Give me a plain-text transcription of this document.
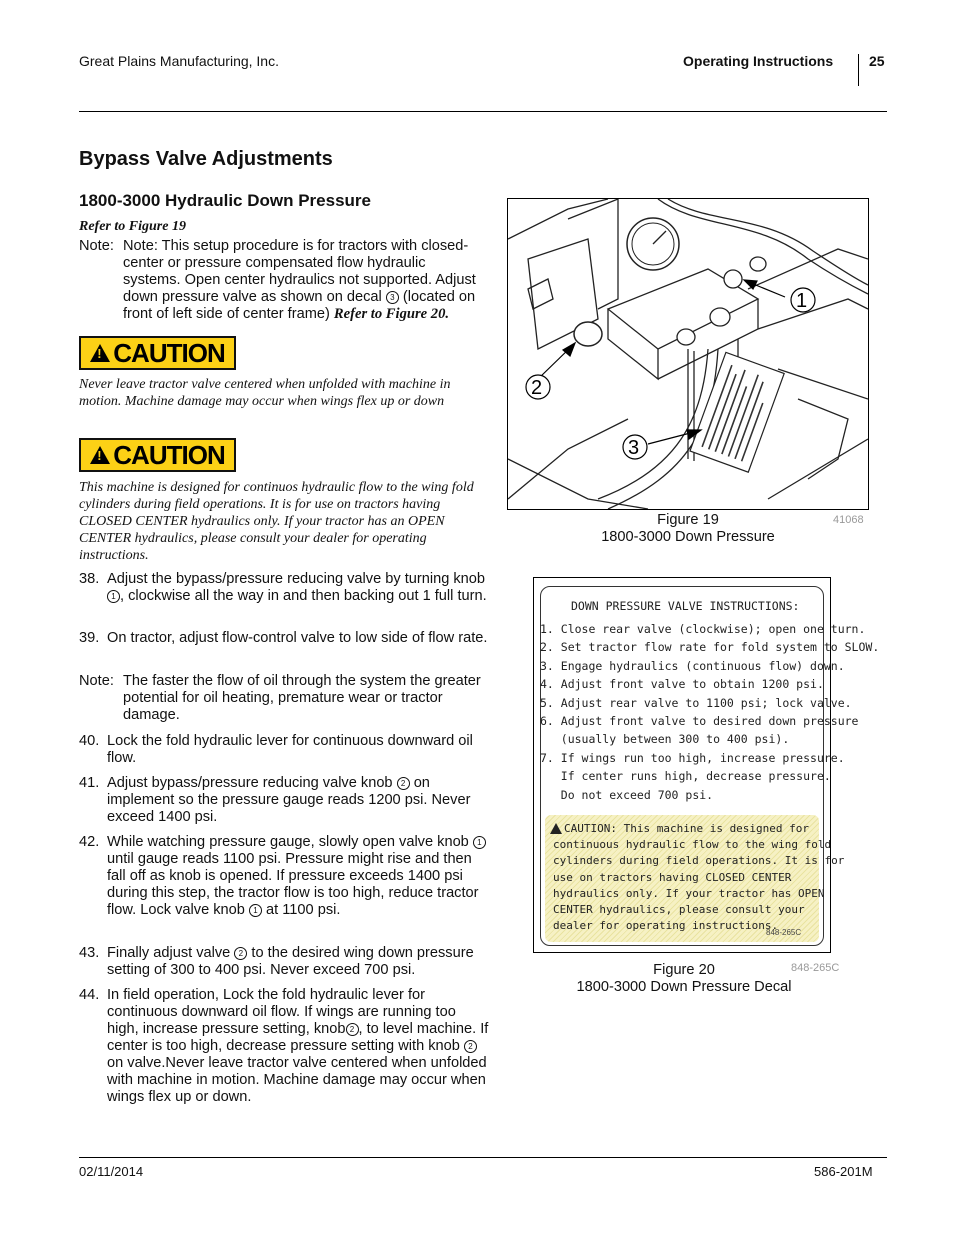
Great Plains Manufacturing, Inc.	Operating Instructions	25
Bypass Valve Adjustments
1800-3000 Hydraulic Down Pressure
Refer to Figure 19
Note: Note: This setup procedure is for tractors with closed-center or pressure compensated flow hydraulic systems. Open center hydraulics not supported. Adjust down pressure valve as shown on decal 3 (located on front of left side of center frame) Refer to Figure 20.
!
CAUTION
Never leave tractor valve centered when unfolded with machine in motion. Machine damage may occur when wings flex up or down
!
CAUTION
This machine is designed for continuos hydraulic flow to the wing fold cylinders during field operations. It is for use on tractors having CLOSED CENTER hydraulics only. If your tractor has an OPEN CENTER hydraulics, please consult your dealer for operating instructions.
38. Adjust the bypass/pressure reducing valve by turning knob 1 , clockwise all the way in and then backing out 1 full turn.
39. On tractor, adjust flow-control valve to low side of flow rate.
Note: The faster the flow of oil through the system the greater potential for oil heating, premature wear or tractor damage.
40. Lock the fold hydraulic lever for continuous downward oil flow.
41. Adjust bypass/pressure reducing valve knob 2 on implement so the pressure gauge reads 1200 psi. Never exceed 1400 psi.
42. While watching pressure gauge, slowly open valve knob 1 until gauge reads 1100 psi. Pressure might rise and then fall off as knob is opened. If pressure exceeds 1400 psi during this step, the tractor flow is too high, reduce tractor flow. Lock valve knob 1 at 1100 psi.
43. Finally adjust valve 2 to the desired wing down pressure setting of 300 to 400 psi. Never exceed 700 psi.
44. In field operation, Lock the fold hydraulic lever for continuous downward oil flow. If wings are running too high, increase pressure setting, knob 2 , to level machine. If center is too high, decrease pressure setting with knob 2 on valve.Never leave tractor valve centered when unfolded with machine in motion. Machine damage may occur when wings flex up or down.
1
2
3
Figure 19
1800-3000 Down Pressure
41068
DOWN PRESSURE VALVE INSTRUCTIONS:
1. Close rear valve (clockwise); open one turn.
2. Set tractor flow rate for fold system to SLOW.
3. Engage hydraulics (continuous flow) down.
4. Adjust front valve to obtain 1200 psi.
5. Adjust rear valve to 1100 psi; lock valve.
6. Adjust front valve to desired down pressure
(usually between 300 to 400 psi).
7. If wings run too high, increase pressure.
If center runs high, decrease pressure.
Do not exceed 700 psi.
CAUTION: This machine is designed for
continuous hydraulic flow to the wing fold
cylinders during field operations. It is for
use on tractors having CLOSED CENTER
hydraulics only. If your tractor has OPEN
CENTER hydraulics, please consult your
dealer for operating instructions.
848-265C
Figure 20
1800-3000 Down Pressure Decal
848-265C
02/11/2014	586-201M
